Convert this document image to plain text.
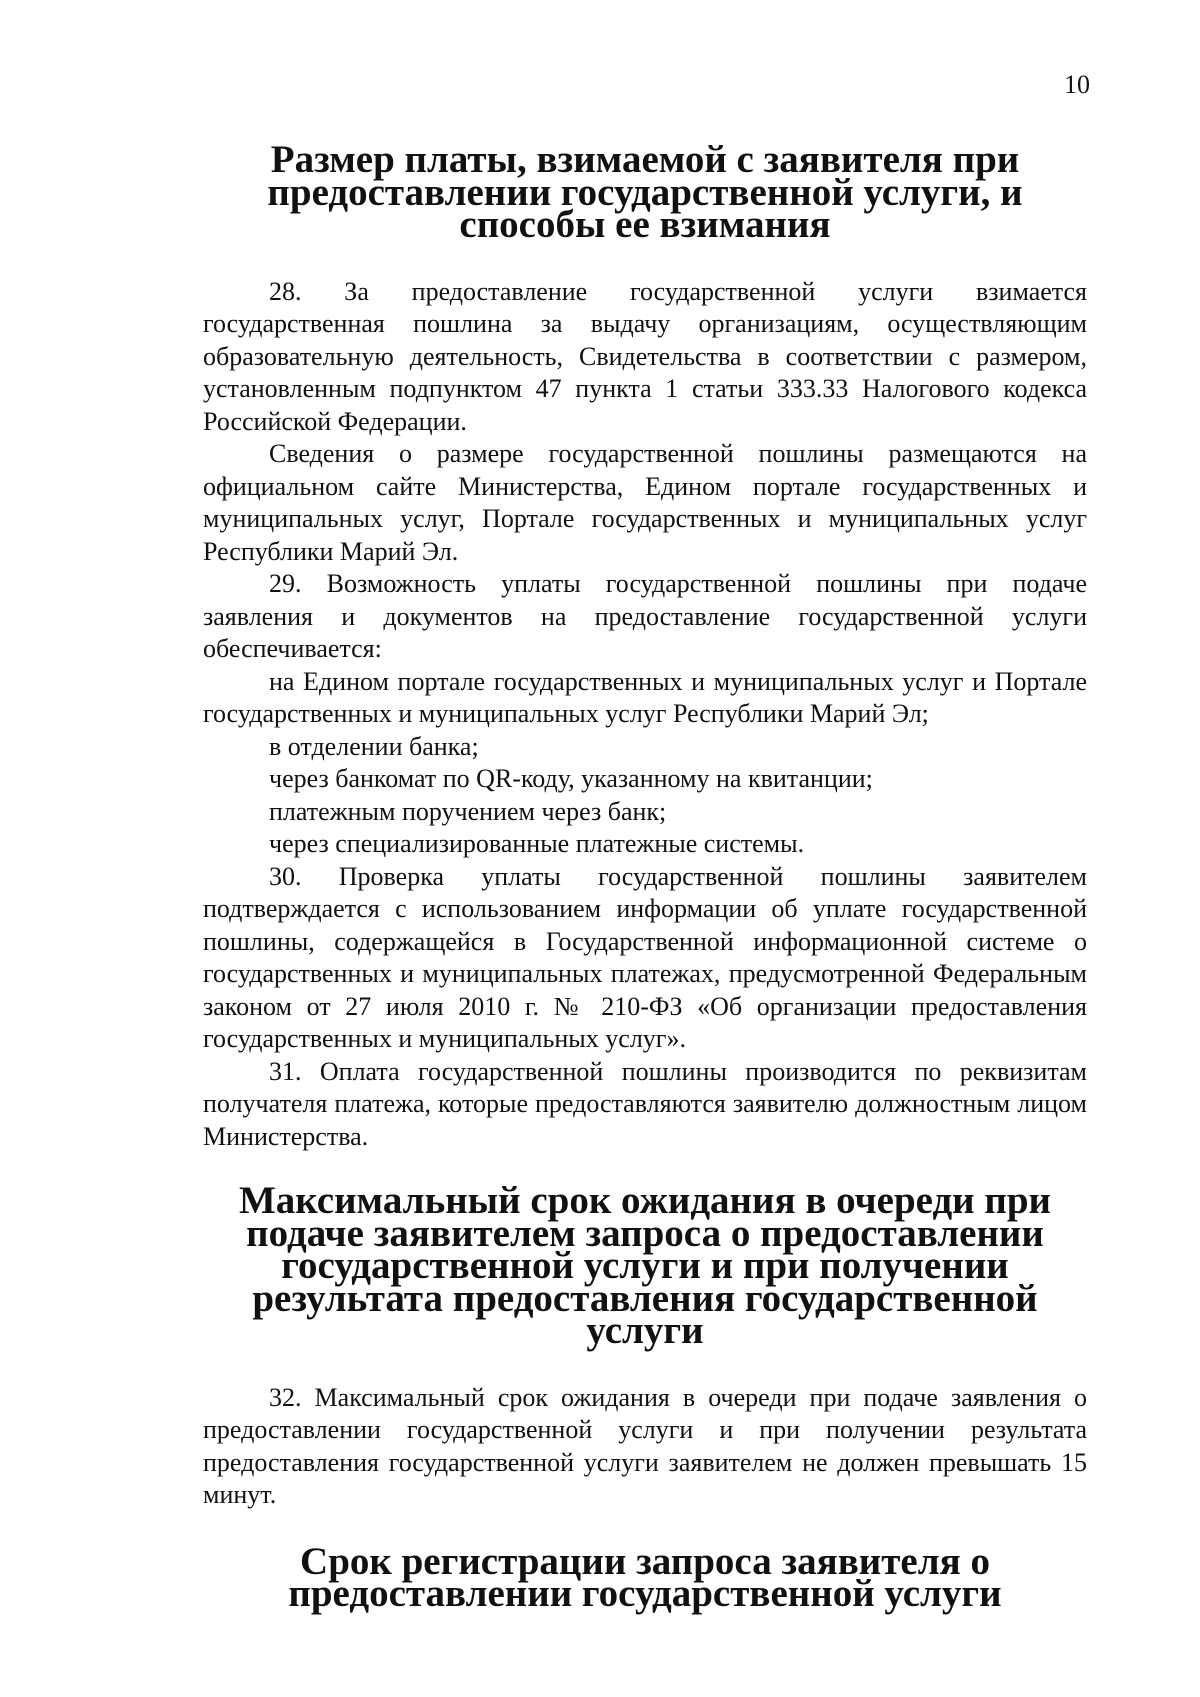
10
Размер платы, взимаемой с заявителя при предоставлении государственной услуги, и способы ее взимания

28. За предоставление государственной услуги взимается государственная пошлина за выдачу организациям, осуществляющим образовательную деятельность, Свидетельства в соответствии с размером, установленным подпунктом 47 пункта 1 статьи 333.33 Налогового кодекса Российской Федерации.

Сведения о размере государственной пошлины размещаются на официальном сайте Министерства, Едином портале государственных и муниципальных услуг, Портале государственных и муниципальных услуг Республики Марий Эл.

29. Возможность уплаты государственной пошлины при подаче заявления и документов на предоставление государственной услуги обеспечивается:

на Едином портале государственных и муниципальных услуг и Портале государственных и муниципальных услуг Республики Марий Эл;

в отделении банка;

через банкомат по QR-коду, указанному на квитанции;

платежным поручением через банк;

через специализированные платежные системы.

30. Проверка уплаты государственной пошлины заявителем подтверждается с использованием информации об уплате государственной пошлины, содержащейся в Государственной информационной системе о государственных и муниципальных платежах, предусмотренной Федеральным законом от 27 июля 2010 г. № 210-ФЗ «Об организации предоставления государственных и муниципальных услуг».

31. Оплата государственной пошлины производится по реквизитам получателя платежа, которые предоставляются заявителю должностным лицом Министерства.

Максимальный срок ожидания в очереди при подаче заявителем запроса о предоставлении государственной услуги и при получении результата предоставления государственной услуги

32. Максимальный срок ожидания в очереди при подаче заявления о предоставлении государственной услуги и при получении результата предоставления государственной услуги заявителем не должен превышать 15 минут.

Срок регистрации запроса заявителя о предоставлении государственной услуги
